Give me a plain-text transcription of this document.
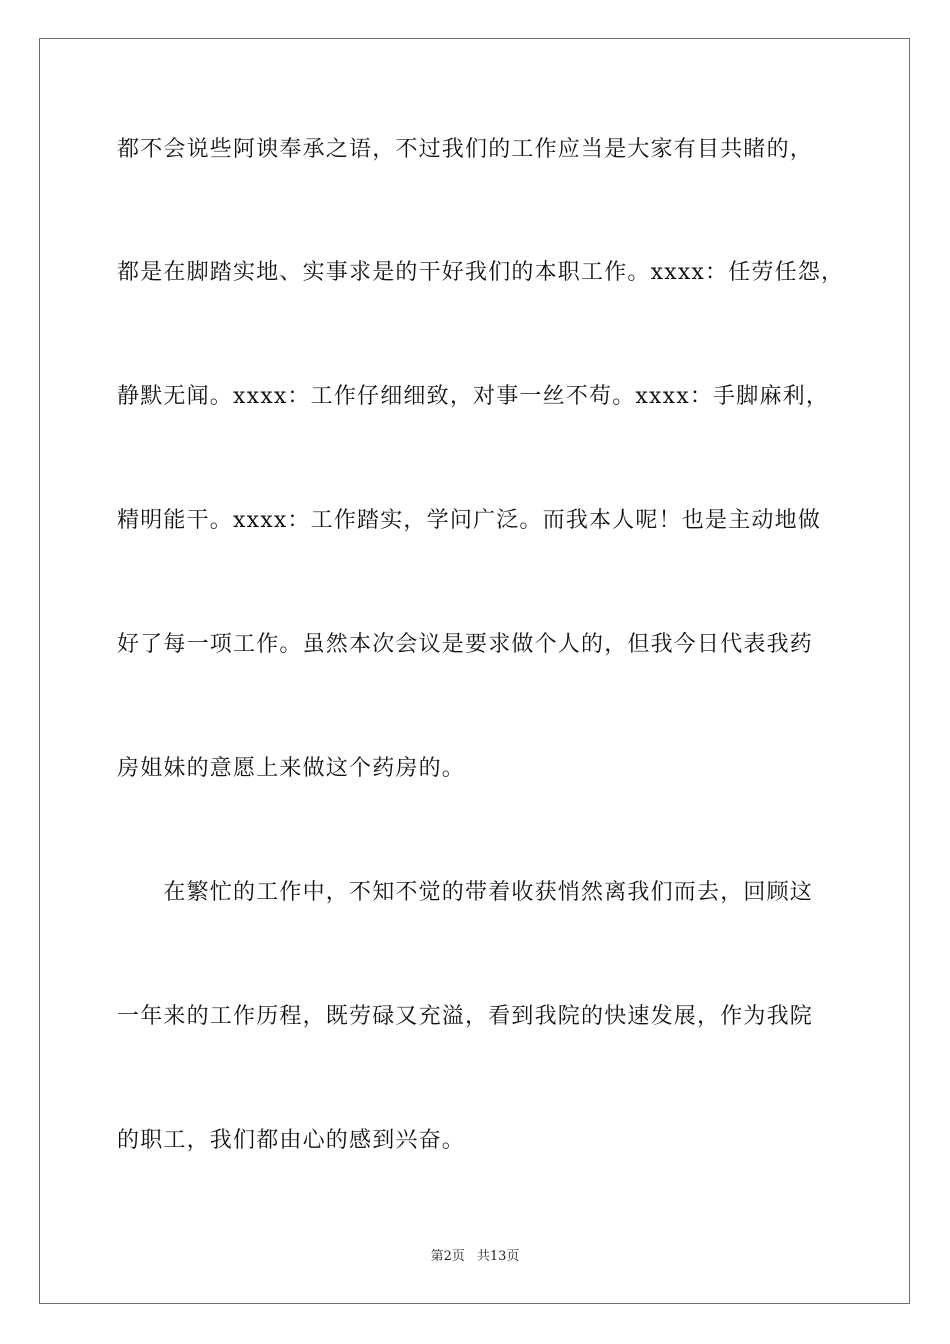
都不会说些阿谀奉承之语，不过我们的工作应当是大家有目共睹的，
都是在脚踏实地、实事求是的干好我们的本职工作。xxxx：任劳任怨，
静默无闻。xxxx：工作仔细细致，对事一丝不苟。xxxx：手脚麻利，
精明能干。xxxx：工作踏实，学问广泛。而我本人呢！也是主动地做
好了每一项工作。虽然本次会议是要求做个人的，但我今日代表我药
房姐妹的意愿上来做这个药房的。
　　在繁忙的工作中，不知不觉的带着收获悄然离我们而去，回顾这
一年来的工作历程，既劳碌又充溢，看到我院的快速发展，作为我院
的职工，我们都由心的感到兴奋。
第2页 共13页
